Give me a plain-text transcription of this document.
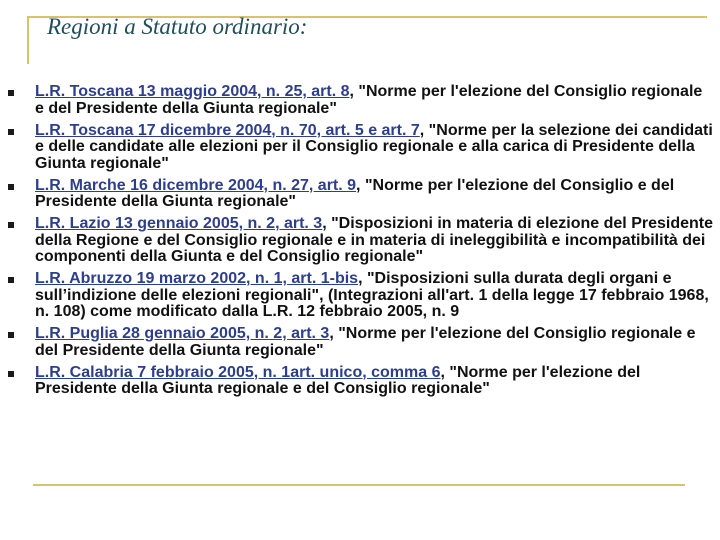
Regioni a Statuto ordinario:
L.R. Toscana 13 maggio 2004, n. 25, art. 8, "Norme per l'elezione del Consiglio regionale e del Presidente della Giunta regionale"
L.R. Toscana 17 dicembre 2004, n. 70, art. 5 e art. 7, "Norme per la selezione dei candidati e delle candidate alle elezioni per il Consiglio regionale e alla carica di Presidente della Giunta regionale"
L.R. Marche 16 dicembre 2004, n. 27, art. 9, "Norme per l'elezione del Consiglio e del Presidente della Giunta regionale"
L.R. Lazio 13 gennaio 2005, n. 2, art. 3, "Disposizioni in materia di elezione del Presidente della Regione e del Consiglio regionale e in materia di ineleggibilità e incompatibilità dei componenti della Giunta e del Consiglio regionale"
L.R. Abruzzo 19 marzo 2002, n. 1, art. 1-bis, "Disposizioni sulla durata degli organi e sull’indizione delle elezioni regionali", (Integrazioni all'art. 1 della legge 17 febbraio 1968, n. 108) come modificato dalla L.R. 12 febbraio 2005, n. 9
L.R. Puglia 28 gennaio 2005, n. 2, art. 3, "Norme per l'elezione del Consiglio regionale e del Presidente della Giunta regionale"
L.R. Calabria 7 febbraio 2005, n. 1art. unico, comma 6, "Norme per l'elezione del Presidente della Giunta regionale e del Consiglio regionale"
